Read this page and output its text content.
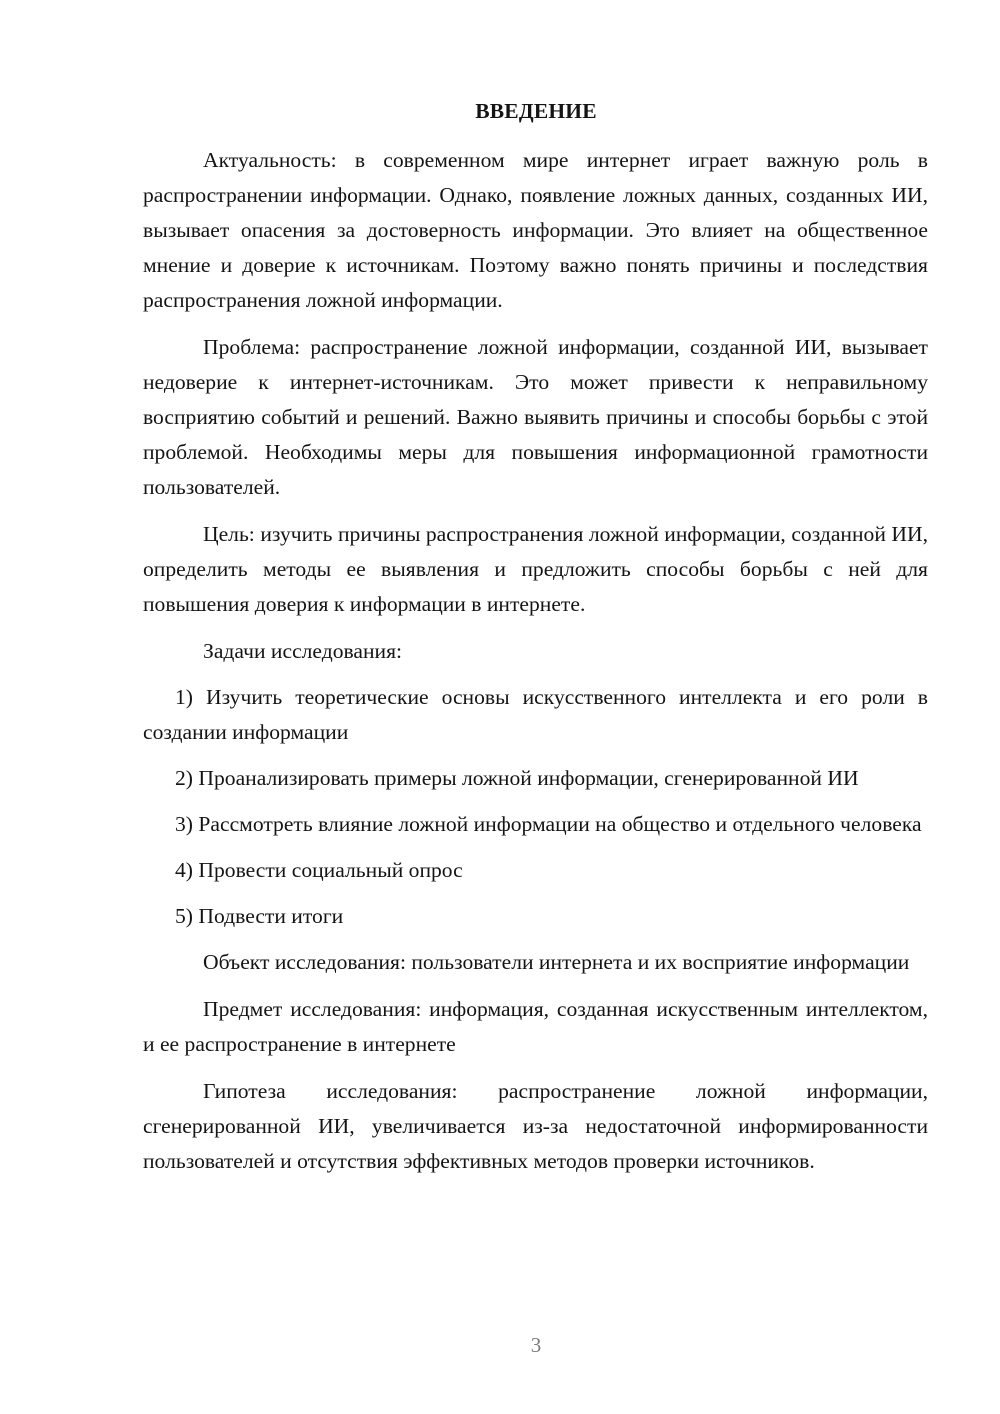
ВВЕДЕНИЕ

Актуальность: в современном мире интернет играет важную роль в распространении информации. Однако, появление ложных данных, созданных ИИ, вызывает опасения за достоверность информации. Это влияет на общественное мнение и доверие к источникам. Поэтому важно понять причины и последствия распространения ложной информации.

Проблема: распространение ложной информации, созданной ИИ, вызывает недоверие к интернет-источникам. Это может привести к неправильному восприятию событий и решений. Важно выявить причины и способы борьбы с этой проблемой. Необходимы меры для повышения информационной грамотности пользователей.

Цель: изучить причины распространения ложной информации, созданной ИИ, определить методы ее выявления и предложить способы борьбы с ней для повышения доверия к информации в интернете.

Задачи исследования:

1) Изучить теоретические основы искусственного интеллекта и его роли в создании информации

2) Проанализировать примеры ложной информации, сгенерированной ИИ

3) Рассмотреть влияние ложной информации на общество и отдельного человека

4) Провести социальный опрос

5) Подвести итоги

Объект исследования: пользователи интернета и их восприятие информации

Предмет исследования: информация, созданная искусственным интеллектом, и ее распространение в интернете

Гипотеза исследования: распространение ложной информации, сгенерированной ИИ, увеличивается из-за недостаточной информированности пользователей и отсутствия эффективных методов проверки источников.

3
